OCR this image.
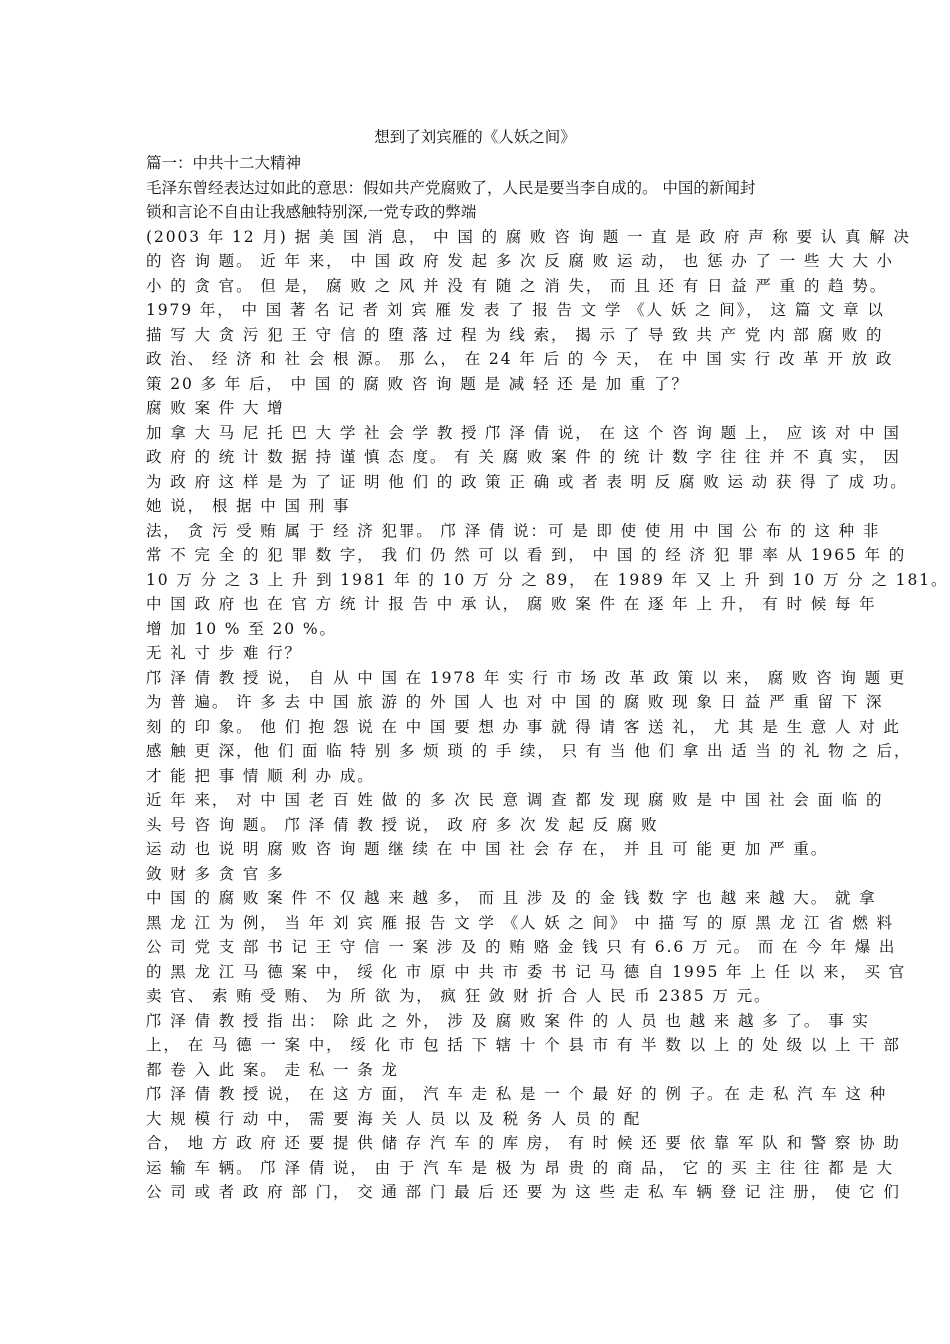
想到了刘宾雁的《人妖之间》
篇一：中共十二大精神
毛泽东曾经表达过如此的意思：假如共产党腐败了，人民是要当李自成的。 中国的新闻封
锁和言论不自由让我感触特别深,一党专政的弊端
(2003 年 12 月) 据 美 国 消 息， 中 国 的 腐 败 咨 询 题 一 直 是 政 府 声 称 要 认 真 解 决
的 咨 询 题。 近 年 来， 中 国 政 府 发 起 多 次 反 腐 败 运 动， 也 惩 办 了 一 些 大 大 小
小 的 贪 官。 但 是， 腐 败 之 风 并 没 有 随 之 消 失， 而 且 还 有 日 益 严 重 的 趋 势。
1979 年， 中 国 著 名 记 者 刘 宾 雁 发 表 了 报 告 文 学 《人 妖 之 间》， 这 篇 文 章 以
描 写 大 贪 污 犯 王 守 信 的 堕 落 过 程 为 线 索， 揭 示 了 导 致 共 产 党 内 部 腐 败 的
政 治、 经 济 和 社 会 根 源。 那 么， 在 24 年 后 的 今 天， 在 中 国 实 行 改 革 开 放 政
策 20 多 年 后， 中 国 的 腐 败 咨 询 题 是 减 轻 还 是 加 重 了？
腐 败 案 件 大 增
加 拿 大 马 尼 托 巴 大 学 社 会 学 教 授 邝 泽 倩 说， 在 这 个 咨 询 题 上， 应 该 对 中 国
政 府 的 统 计 数 据 持 谨 慎 态 度。 有 关 腐 败 案 件 的 统 计 数 字 往 往 并 不 真 实， 因
为 政 府 这 样 是 为 了 证 明 他 们 的 政 策 正 确 或 者 表 明 反 腐 败 运 动 获 得 了 成 功。
她 说， 根 据 中 国 刑 事
法， 贪 污 受 贿 属 于 经 济 犯罪。 邝 泽 倩 说：可 是 即 使 使 用 中 国 公 布 的 这 种 非
常 不 完 全 的 犯 罪 数 字， 我 们 仍 然 可 以 看 到， 中 国 的 经 济 犯 罪 率 从 1965 年 的
10 万 分 之 3 上 升 到 1981 年 的 10 万 分 之 89， 在 1989 年 又 上 升 到 10 万 分 之 181。
中 国 政 府 也 在 官 方 统 计 报 告 中 承 认， 腐 败 案 件 在 逐 年 上 升， 有 时 候 每 年
增 加 10 % 至 20 %。
无 礼 寸 步 难 行？
邝 泽 倩 教 授 说， 自 从 中 国 在 1978 年 实 行 市 场 改 革 政 策 以 来， 腐 败 咨 询 题 更
为 普 遍。 许 多 去 中 国 旅 游 的 外 国 人 也 对 中 国 的 腐 败 现 象 日 益 严 重 留 下 深
刻 的 印 象。 他 们 抱 怨 说 在 中 国 要 想 办 事 就 得 请 客 送 礼， 尤 其 是 生 意 人 对 此
感 触 更 深，他 们 面 临 特 别 多 烦 琐 的 手 续， 只 有 当 他 们 拿 出 适 当 的 礼 物 之 后，
才 能 把 事 情 顺 利 办 成。
近 年 来， 对 中 国 老 百 姓 做 的 多 次 民 意 调 查 都 发 现 腐 败 是 中 国 社 会 面 临 的
头 号 咨 询 题。 邝 泽 倩 教 授 说， 政 府 多 次 发 起 反 腐 败
运 动 也 说 明 腐 败 咨 询 题 继 续 在 中 国 社 会 存 在， 并 且 可 能 更 加 严 重。
敛 财 多 贪 官 多
中 国 的 腐 败 案 件 不 仅 越 来 越 多， 而 且 涉 及 的 金 钱 数 字 也 越 来 越 大。 就 拿
黑 龙 江 为 例， 当 年 刘 宾 雁 报 告 文 学 《人 妖 之 间》 中 描 写 的 原 黑 龙 江 省 燃 料
公 司 党 支 部 书 记 王 守 信 一 案 涉 及 的 贿 赂 金 钱 只 有 6.6 万 元。 而 在 今 年 爆 出
的 黑 龙 江 马 德 案 中， 绥 化 市 原 中 共 市 委 书 记 马 德 自 1995 年 上 任 以 来， 买 官
卖 官、 索 贿 受 贿、 为 所 欲 为， 疯 狂 敛 财 折 合 人 民 币 2385 万 元。
邝 泽 倩 教 授 指 出： 除 此 之 外， 涉 及 腐 败 案 件 的 人 员 也 越 来 越 多 了。 事 实
上， 在 马 德 一 案 中， 绥 化 市 包 括 下 辖 十 个 县 市 有 半 数 以 上 的 处 级 以 上 干 部
都 卷 入 此 案。 走 私 一 条 龙
邝 泽 倩 教 授 说， 在 这 方 面， 汽 车 走 私 是 一 个 最 好 的 例 子。在 走 私 汽 车 这 种
大 规 模 行 动 中， 需 要 海 关 人 员 以 及 税 务 人 员 的 配
合， 地 方 政 府 还 要 提 供 储 存 汽 车 的 库 房， 有 时 候 还 要 依 靠 军 队 和 警 察 协 助
运 输 车 辆。 邝 泽 倩 说， 由 于 汽 车 是 极 为 昂 贵 的 商 品， 它 的 买 主 往 往 都 是 大
公 司 或 者 政 府 部 门， 交 通 部 门 最 后 还 要 为 这 些 走 私 车 辆 登 记 注 册， 使 它 们
